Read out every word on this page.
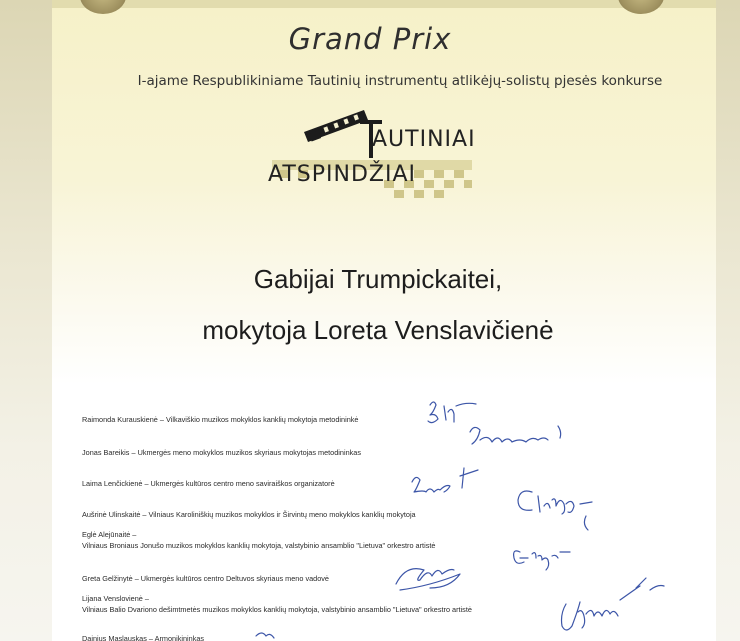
Grand Prix
I-ajame Respublikiniame Tautinių instrumentų atlikėjų-solistų pjesės konkurse
AUTINIAI
ATSPINDŽIAI
Gabijai Trumpickaitei,
mokytoja Loreta Venslavičienė
Raimonda Kurauskienė – Vilkaviškio muzikos mokyklos kanklių mokytoja metodininkė
Jonas Bareikis – Ukmergės meno mokyklos muzikos skyriaus mokytojas metodininkas
Laima Lenčickienė – Ukmergės kultūros centro meno saviraiškos organizatorė
Aušrinė Ulinskaitė – Vilniaus Karoliniškių muzikos mokyklos ir Širvintų meno mokyklos kanklių mokytoja
Eglė Alejūnaitė –
Vilniaus Broniaus Jonušo muzikos mokyklos kanklių mokytoja, valstybinio ansamblio "Lietuva" orkestro artistė
Greta Gelžinytė – Ukmergės kultūros centro Deltuvos skyriaus meno vadovė
Lijana Venslovienė –
Vilniaus Balio Dvariono dešimtmetės muzikos mokyklos kanklių mokytoja, valstybinio ansamblio "Lietuva" orkestro artistė
Dainius Maslauskas – Armonikininkas
